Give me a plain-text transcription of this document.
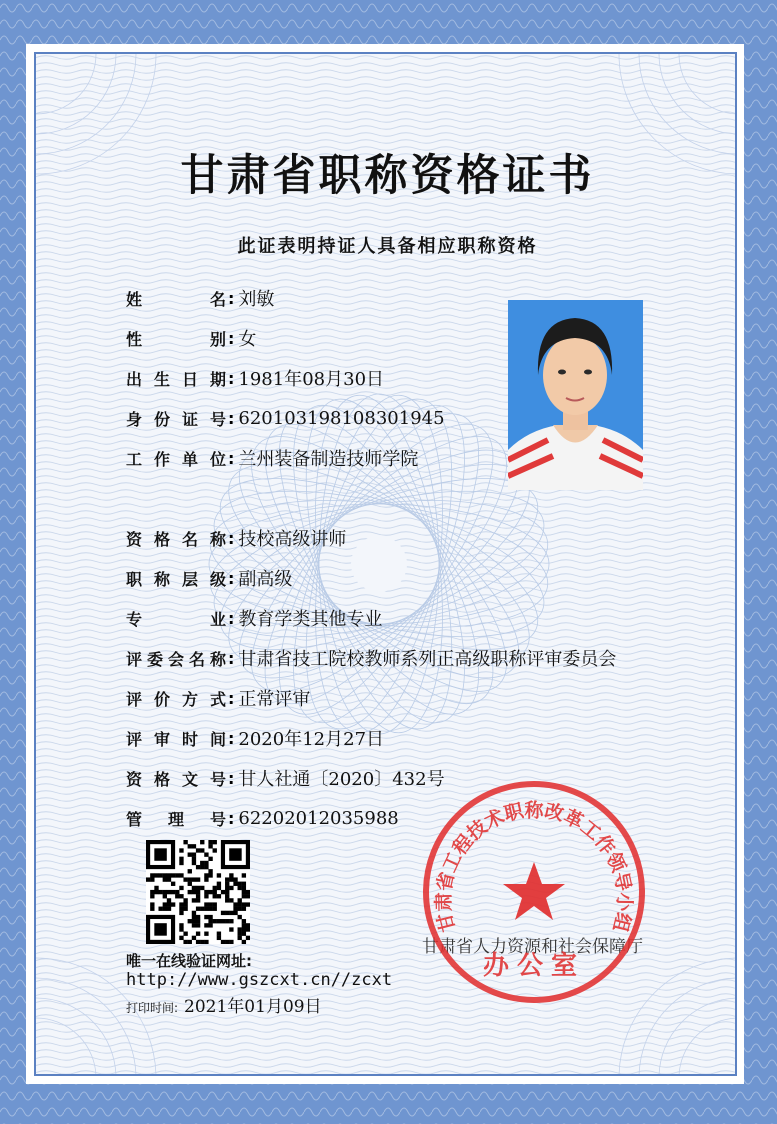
甘肃省职称资格证书
此证表明持证人具备相应职称资格
姓	名 : 刘敏
性	别 : 女
出 生 日 期 : 1981年08月30日
身 份 证 号 : 620103198108301945
工 作 单 位 : 兰州装备制造技师学院
资 格 名 称 : 技校高级讲师
职 称 层 级 : 副高级
专	业 : 教育学类其他专业
评 委 会 名 称 : 甘肃省技工院校教师系列正高级职称评审委员会
评 价 方 式 : 正常评审
评 审 时 间 : 2020年12月27日
资 格 文 号 : 甘人社通〔2020〕432号
管 理 号 : 62202012035988
唯一在线验证网址:
http://www.gszcxt.cn//zcxt
打印时间: 2021年01月09日
甘肃省人力资源和社会保障厅
甘肃省工程技术职称改革工作领导小组
办公室
